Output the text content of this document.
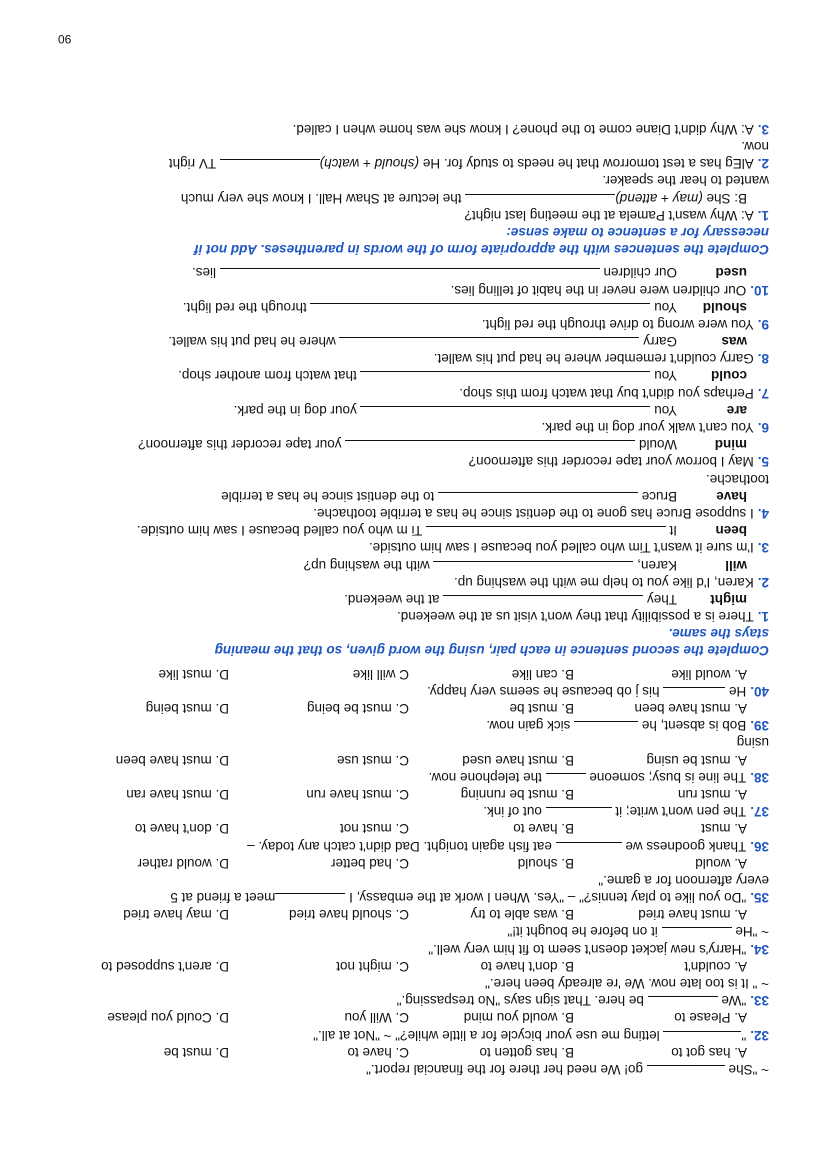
~ "She  go! We need her there for the financial report."
A. has got to
B. has gotten to
C. have to
D. must be
32." letting me use your bicycle for a little while?" ~ "Not at all."
A. Please to
B. would you mind
C. Will you
D. Could you please
33."We  be here. That sign says "No trespassing."
~ " It is too late now. We 're already been here."
A. couldn't
B. don't have to
C. might not
D. aren't supposed to
34."Harry's new jacket doesn't seem to fit him very well."
~ "He  it on before he bought it!"
A. must have tried
B. was able to try
C. should have tried
D. may have tried
35."Do you like to play tennis?" – "Yes. When I work at the embassy, I meet a friend at 5
every afternoon for a game."
A. would
B. should
C. had better
D. would rather
36.Thank goodness we  eat fish again tonight. Dad didn't catch any today. –
A. must
B. have to
C. must not
D. don't have to
37.The pen won't write; it  out of ink.
A. must run
B. must be running
C. must have run
D. must have ran
38.The line is busy; someone  the telephone now.
A. must be using
B. must have used
C. must use
D. must have been
using
39.Bob is absent, he  sick gain now.
A. must have been
B. must be
C. must be being
D. must being
40.He  his j ob because he seems very happy.
A. would like
B. can like
C will like
D. must like
Complete the second sentence in each pair, using the word given, so that the meaning
stays the same.
1.There is a possibility that they won't visit us at the weekend.
mightThey  at the weekend.
2.Karen, I'd like you to help me with the washing up.
willKaren,  with the washing up?
3.I'm sure it wasn't Tim who called you because I saw him outside.
beenIt  Ti m who you called because I saw him outside.
4.I suppose Bruce has gone to the dentist since he has a terrible toothache.
haveBruce  to the dentist since he has a terrible
toothache.
5.May I borrow your tape recorder this afternoon?
mindWould  your tape recorder this afternoon?
6.You can't walk your dog in the park.
areYou  your dog in the park.
7.Perhaps you didn't buy that watch from this shop.
couldYou  that watch from another shop.
8.Garry couldn't remember where he had put his wallet.
wasGarry  where he had put his wallet.
9.You were wrong to drive through the red light.
shouldYou  through the red light.
10.Our children were never in the habit of telling lies.
usedOur children  lies.
Complete the sentences with the appropriate form of the words in parentheses. Add not if
necessary for a sentence to make sense:
1.A: Why wasn't Pamela at the meeting last night?
B: She (may + attend) the lecture at Shaw Hall. I know she very much
wanted to hear the speaker.
2.AlEg has a test tomorrow that he needs to study for. He (should + watch) TV right
now.
3.A: Why didn't Diane come to the phone? I know she was home when I called.
90
